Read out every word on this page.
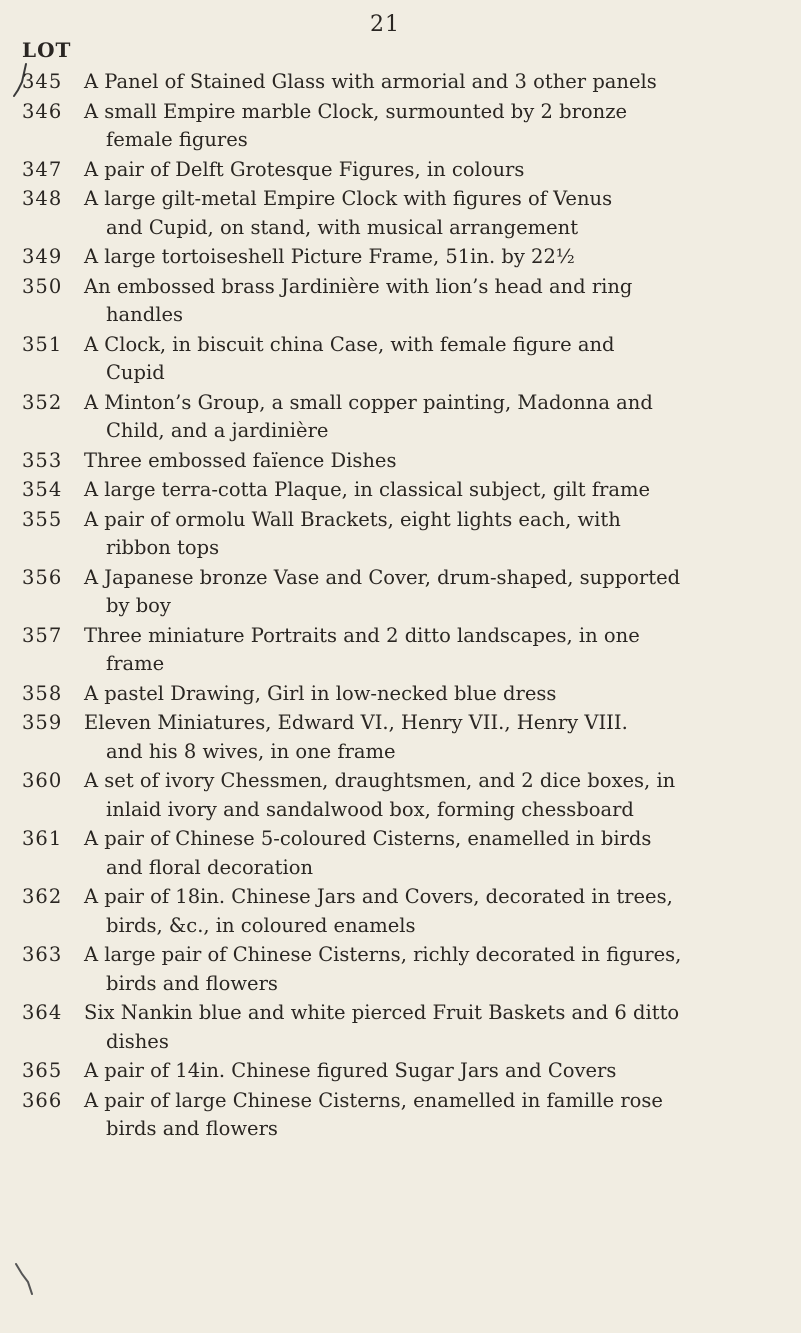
21
LOT
345	A Panel of Stained Glass with armorial and 3 other panels
346	A small Empire marble Clock, surmounted by 2 bronze
female figures
347	A pair of Delft Grotesque Figures, in colours
348	A large gilt-metal Empire Clock with figures of Venus
and Cupid, on stand, with musical arrangement
349	A large tortoiseshell Picture Frame, 51in. by 22½
350	An embossed brass Jardinière with lion’s head and ring
handles
351	A Clock, in biscuit china Case, with female figure and
Cupid
352	A Minton’s Group, a small copper painting, Madonna and
Child, and a jardinière
353	Three embossed faïence Dishes
354	A large terra-cotta Plaque, in classical subject, gilt frame
355	A pair of ormolu Wall Brackets, eight lights each, with
ribbon tops
356	A Japanese bronze Vase and Cover, drum-shaped, supported
by boy
357	Three miniature Portraits and 2 ditto landscapes, in one
frame
358	A pastel Drawing, Girl in low-necked blue dress
359	Eleven Miniatures, Edward VI., Henry VII., Henry VIII.
and his 8 wives, in one frame
360	A set of ivory Chessmen, draughtsmen, and 2 dice boxes, in
inlaid ivory and sandalwood box, forming chessboard
361	A pair of Chinese 5-coloured Cisterns, enamelled in birds
and floral decoration
362	A pair of 18in. Chinese Jars and Covers, decorated in trees,
birds, &c., in coloured enamels
363	A large pair of Chinese Cisterns, richly decorated in figures,
birds and flowers
364	Six Nankin blue and white pierced Fruit Baskets and 6 ditto
dishes
365	A pair of 14in. Chinese figured Sugar Jars and Covers
366	A pair of large Chinese Cisterns, enamelled in famille rose
birds and flowers
